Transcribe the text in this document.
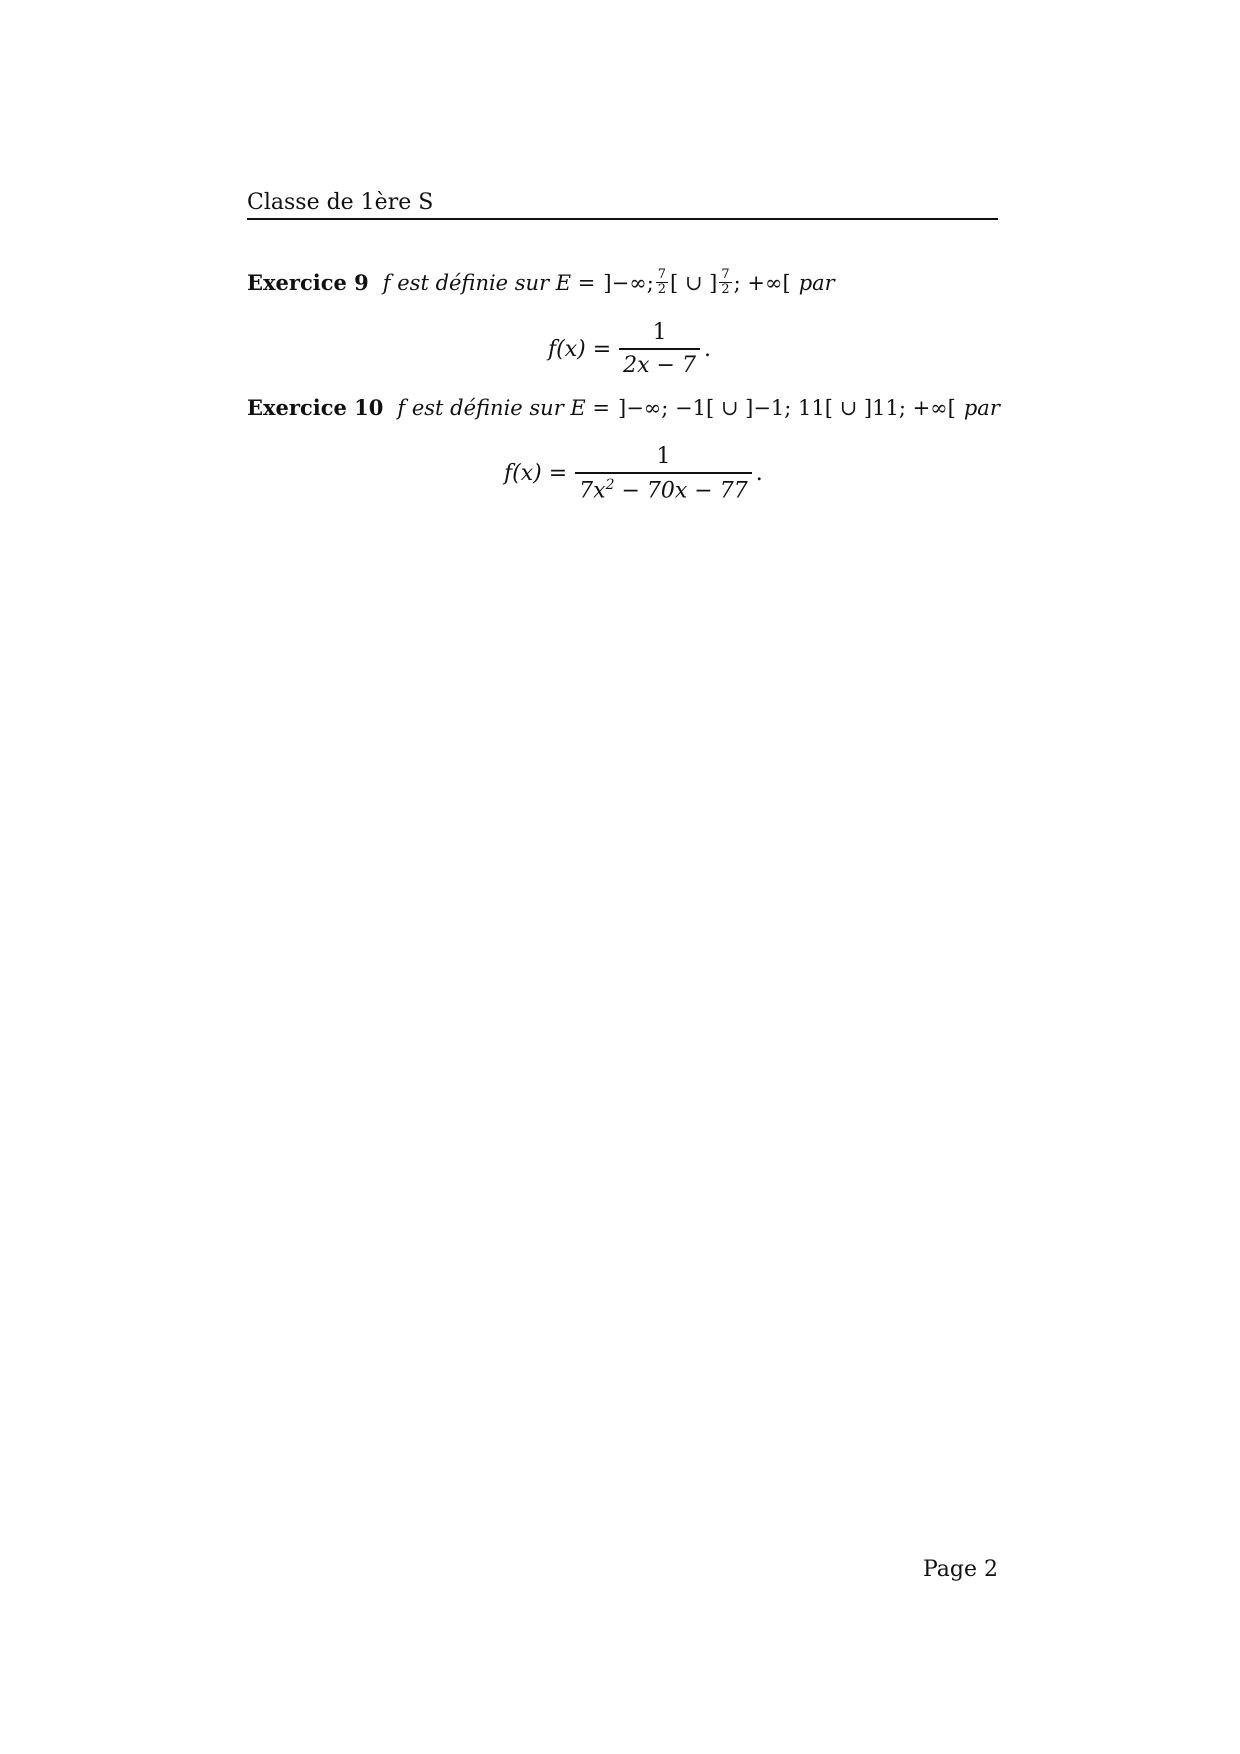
Classe de 1ère S
Exercice 9 f est définie sur E = ]−∞; $\frac{7}{2}$ [ ∪ ] $\frac{7}{2}$ ; +∞[ par
$f(x) = \frac{1}{2x - 7}$ .
Exercice 10 f est définie sur E = ]−∞; −1[ ∪ ]−1; 11[ ∪ ]11; +∞[ par
$f(x) = \frac{1}{7x^2 - 70x - 77}$ .
Page 2
